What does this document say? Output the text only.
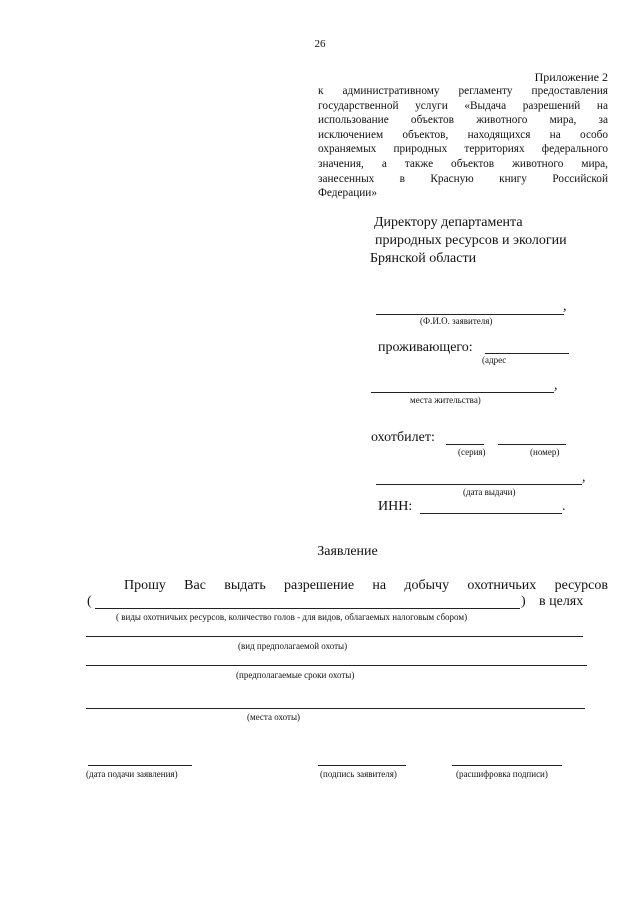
26
Приложение 2
к административному регламенту предоставления
государственной услуги «Выдача разрешений на
использование объектов животного мира, за
исключением объектов, находящихся на особо
охраняемых природных территориях федерального
значения, а также объектов животного мира,
занесенных в Красную книгу Российской
Федерации»
Директору департамента
природных ресурсов и экологии
Брянской области
,
(Ф.И.О. заявителя)
проживающего:
(адрес
,
места жительства)
охотбилет:
(серия)	(номер)
,
(дата выдачи)
ИНН:	.
Заявление
Прошу Вас выдать разрешение на добычу охотничьих ресурсов
(	) в целях
( виды охотничьих ресурсов, количество голов - для видов, облагаемых налоговым сбором)
(вид предполагаемой охоты)
(предполагаемые сроки охоты)
(места охоты)
(дата подачи заявления)	(подпись заявителя)	(расшифровка подписи)
